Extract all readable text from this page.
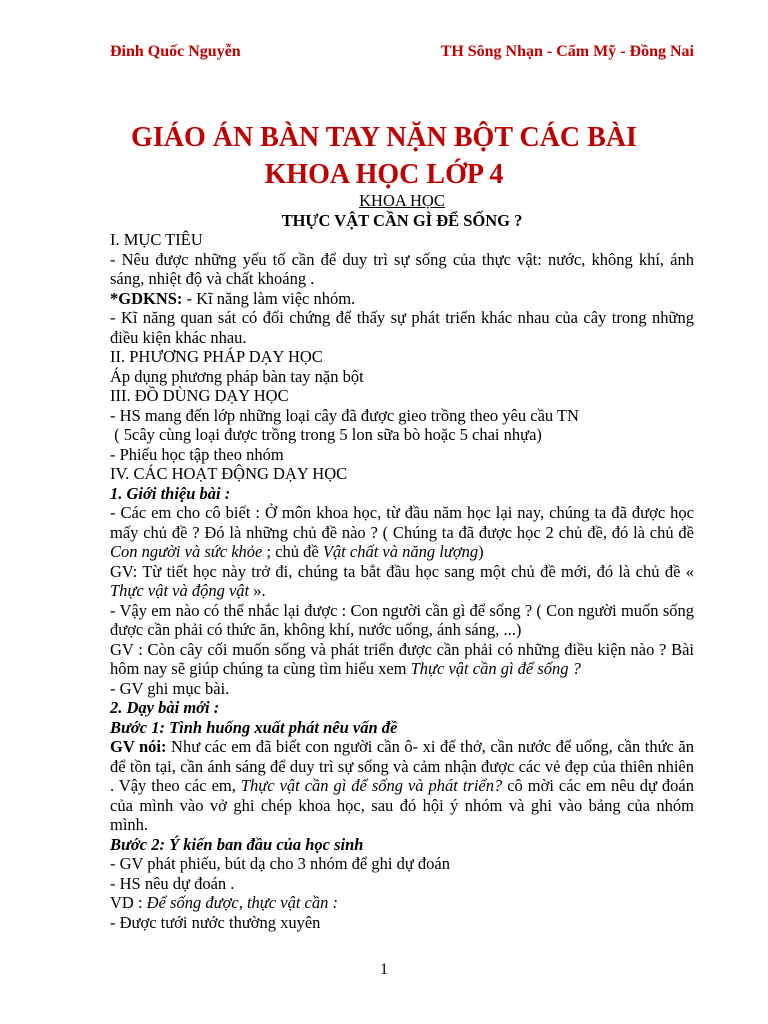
Đinh Quốc Nguyễn	TH Sông Nhạn - Cẩm Mỹ - Đồng Nai
GIÁO ÁN BÀN TAY NẶN BỘT CÁC BÀI
KHOA HỌC LỚP 4

KHOA HỌC

THỰC VẬT CẦN GÌ ĐỂ SỐNG ?

I. MỤC TIÊU

- Nêu được những yếu tố cần để duy trì sự sống của thực vật: nước, không khí, ánh sáng, nhiệt độ và chất khoáng .

*GDKNS: - Kĩ năng làm việc nhóm.

- Kĩ năng quan sát có đối chứng để thấy sự phát triển khác nhau của cây trong những điều kiện khác nhau.

II. PHƯƠNG PHÁP DẠY HỌC

Áp dụng phương pháp bàn tay nặn bột

III. ĐỒ DÙNG DẠY HỌC

- HS mang đến lớp những loại cây đã được gieo trồng theo yêu cầu TN

( 5cây cùng loại được trồng trong 5 lon sữa bò hoặc 5 chai nhựa)

- Phiếu học tập theo nhóm

IV. CÁC HOẠT ĐỘNG DẠY HỌC

1. Giới thiệu bài :

- Các em cho cô biết : Ở môn khoa học, từ đầu năm học lại nay, chúng ta đã được học mấy chủ đề ? Đó là những chủ đề nào ? ( Chúng ta đã được học 2 chủ đề, đó là chủ đề Con người và sức khỏe ; chủ đề Vật chất và năng lượng)

GV: Từ tiết học này trở đi, chúng ta bắt đầu học sang một chủ đề mới, đó là chủ đề « Thực vật và động vật ».

- Vậy em nào có thể nhắc lại được : Con người cần gì để sống ? ( Con người muốn sống được cần phải có thức ăn, không khí, nước uống, ánh sáng, ...)

GV : Còn cây cối muốn sống và phát triển được cần phải có những điều kiện nào ? Bài hôm nay sẽ giúp chúng ta cùng tìm hiểu xem Thực vật cần gì để sống ?

- GV ghi mục bài.

2. Dạy bài mới :

Bước 1: Tình huống xuất phát nêu vấn đề

GV nói: Như các em đã biết con người cần ô- xi để thở, cần nước để uống, cần thức ăn để tồn tại, cần ánh sáng để duy trì sự sống và cảm nhận được các vẻ đẹp của thiên nhiên . Vậy theo các em, Thực vật cần gì để sống và phát triển? cô mời các em nêu dự đoán của mình vào vở ghi chép khoa học, sau đó hội ý nhóm và ghi vào bảng của nhóm mình.

Bước 2: Ý kiến ban đầu của học sinh

- GV phát phiếu, bút dạ cho 3 nhóm để ghi dự đoán

- HS nêu dự đoán .

VD : Để sống được, thực vật cần :

- Được tưới nước thường xuyên

1
